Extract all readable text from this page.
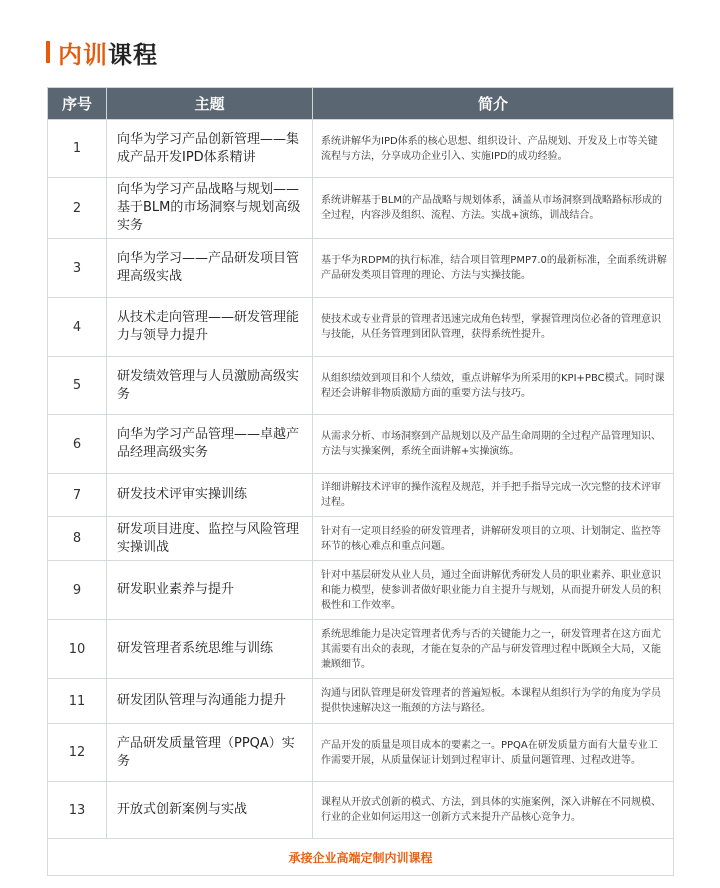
内训 课程
序号	主题	简介
1	向华为学习产品创新管理——集成产品开发IPD体系精讲	系统讲解华为IPD体系的核心思想、组织设计、产品规划、开发及上市等关键流程与方法，分享成功企业引入、实施IPD的成功经验。
2	向华为学习产品战略与规划——基于BLM的市场洞察与规划高级实务	系统讲解基于BLM的产品战略与规划体系，涵盖从市场洞察到战略路标形成的全过程，内容涉及组织、流程、方法。实战+演练，训战结合。
3	向华为学习——产品研发项目管理高级实战	基于华为RDPM的执行标准，结合项目管理PMP7.0的最新标准，全面系统讲解产品研发类项目管理的理论、方法与实操技能。
4	从技术走向管理——研发管理能力与领导力提升	使技术或专业背景的管理者迅速完成角色转型，掌握管理岗位必备的管理意识与技能，从任务管理到团队管理，获得系统性提升。
5	研发绩效管理与人员激励高级实务	从组织绩效到项目和个人绩效，重点讲解华为所采用的KPI+PBC模式。同时课程还会讲解非物质激励方面的重要方法与技巧。
6	向华为学习产品管理——卓越产品经理高级实务	从需求分析、市场洞察到产品规划以及产品生命周期的全过程产品管理知识、方法与实操案例，系统全面讲解+实操演练。
7	研发技术评审实操训练	详细讲解技术评审的操作流程及规范，并手把手指导完成一次完整的技术评审过程。
8	研发项目进度、监控与风险管理实操训战	针对有一定项目经验的研发管理者，讲解研发项目的立项、计划制定、监控等环节的核心难点和重点问题。
9	研发职业素养与提升	针对中基层研发从业人员，通过全面讲解优秀研发人员的职业素养、职业意识和能力模型，使参训者做好职业能力自主提升与规划，从而提升研发人员的积极性和工作效率。
10	研发管理者系统思维与训练	系统思维能力是决定管理者优秀与否的关键能力之一，研发管理者在这方面尤其需要有出众的表现，才能在复杂的产品与研发管理过程中既顾全大局，又能兼顾细节。
11	研发团队管理与沟通能力提升	沟通与团队管理是研发管理者的普遍短板。本课程从组织行为学的角度为学员提供快速解决这一瓶颈的方法与路径。
12	产品研发质量管理（PPQA）实务	产品开发的质量是项目成本的要素之一。PPQA在研发质量方面有大量专业工作需要开展，从质量保证计划到过程审计、质量问题管理、过程改进等。
13	开放式创新案例与实战	课程从开放式创新的模式、方法，到具体的实施案例，深入讲解在不同规模、行业的企业如何运用这一创新方式来提升产品核心竞争力。
承接企业高端定制内训课程		
